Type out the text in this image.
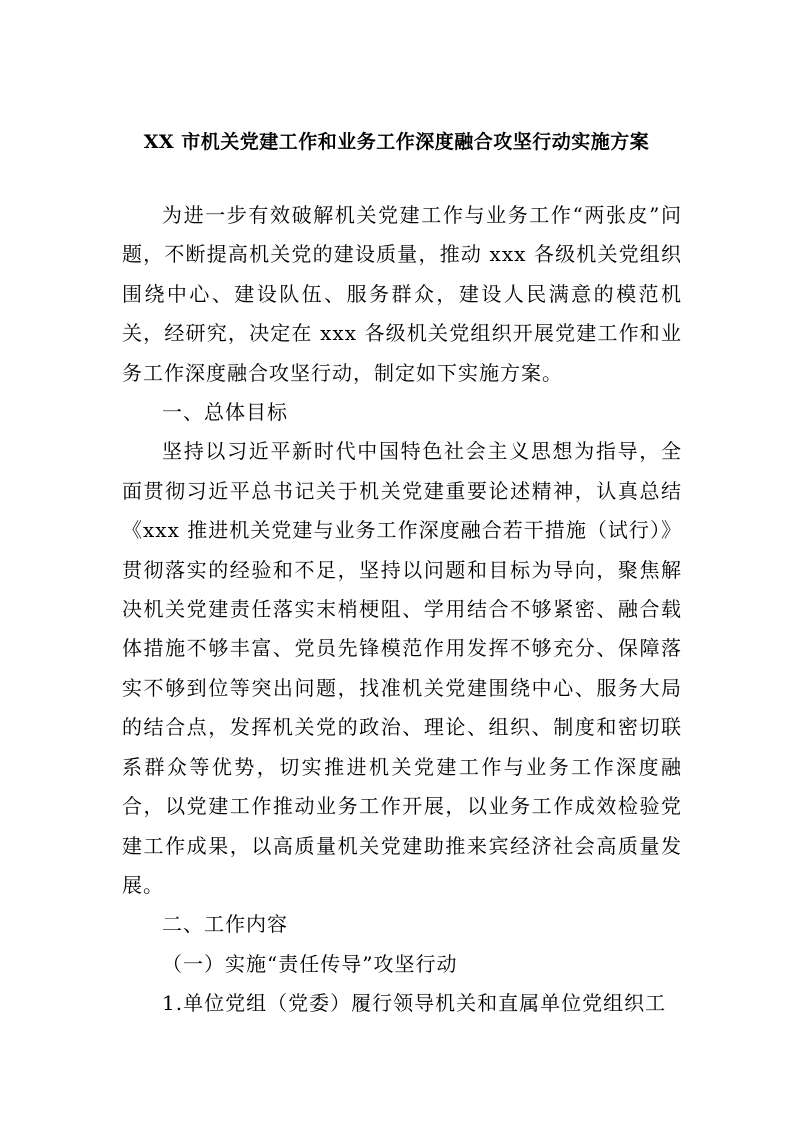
XX 市机关党建工作和业务工作深度融合攻坚行动实施方案

为进一步有效破解机关党建工作与业务工作“两张皮”问题，不断提高机关党的建设质量，推动 xxx 各级机关党组织围绕中心、建设队伍、服务群众，建设人民满意的模范机关，经研究，决定在 xxx 各级机关党组织开展党建工作和业务工作深度融合攻坚行动，制定如下实施方案。

一、总体目标

坚持以习近平新时代中国特色社会主义思想为指导，全面贯彻习近平总书记关于机关党建重要论述精神，认真总结《xxx 推进机关党建与业务工作深度融合若干措施（试行）》贯彻落实的经验和不足，坚持以问题和目标为导向，聚焦解决机关党建责任落实末梢梗阻、学用结合不够紧密、融合载体措施不够丰富、党员先锋模范作用发挥不够充分、保障落实不够到位等突出问题，找准机关党建围绕中心、服务大局的结合点，发挥机关党的政治、理论、组织、制度和密切联系群众等优势，切实推进机关党建工作与业务工作深度融合，以党建工作推动业务工作开展，以业务工作成效检验党建工作成果，以高质量机关党建助推来宾经济社会高质量发展。

二、工作内容

（一）实施“责任传导”攻坚行动

1.单位党组（党委）履行领导机关和直属单位党组织工
